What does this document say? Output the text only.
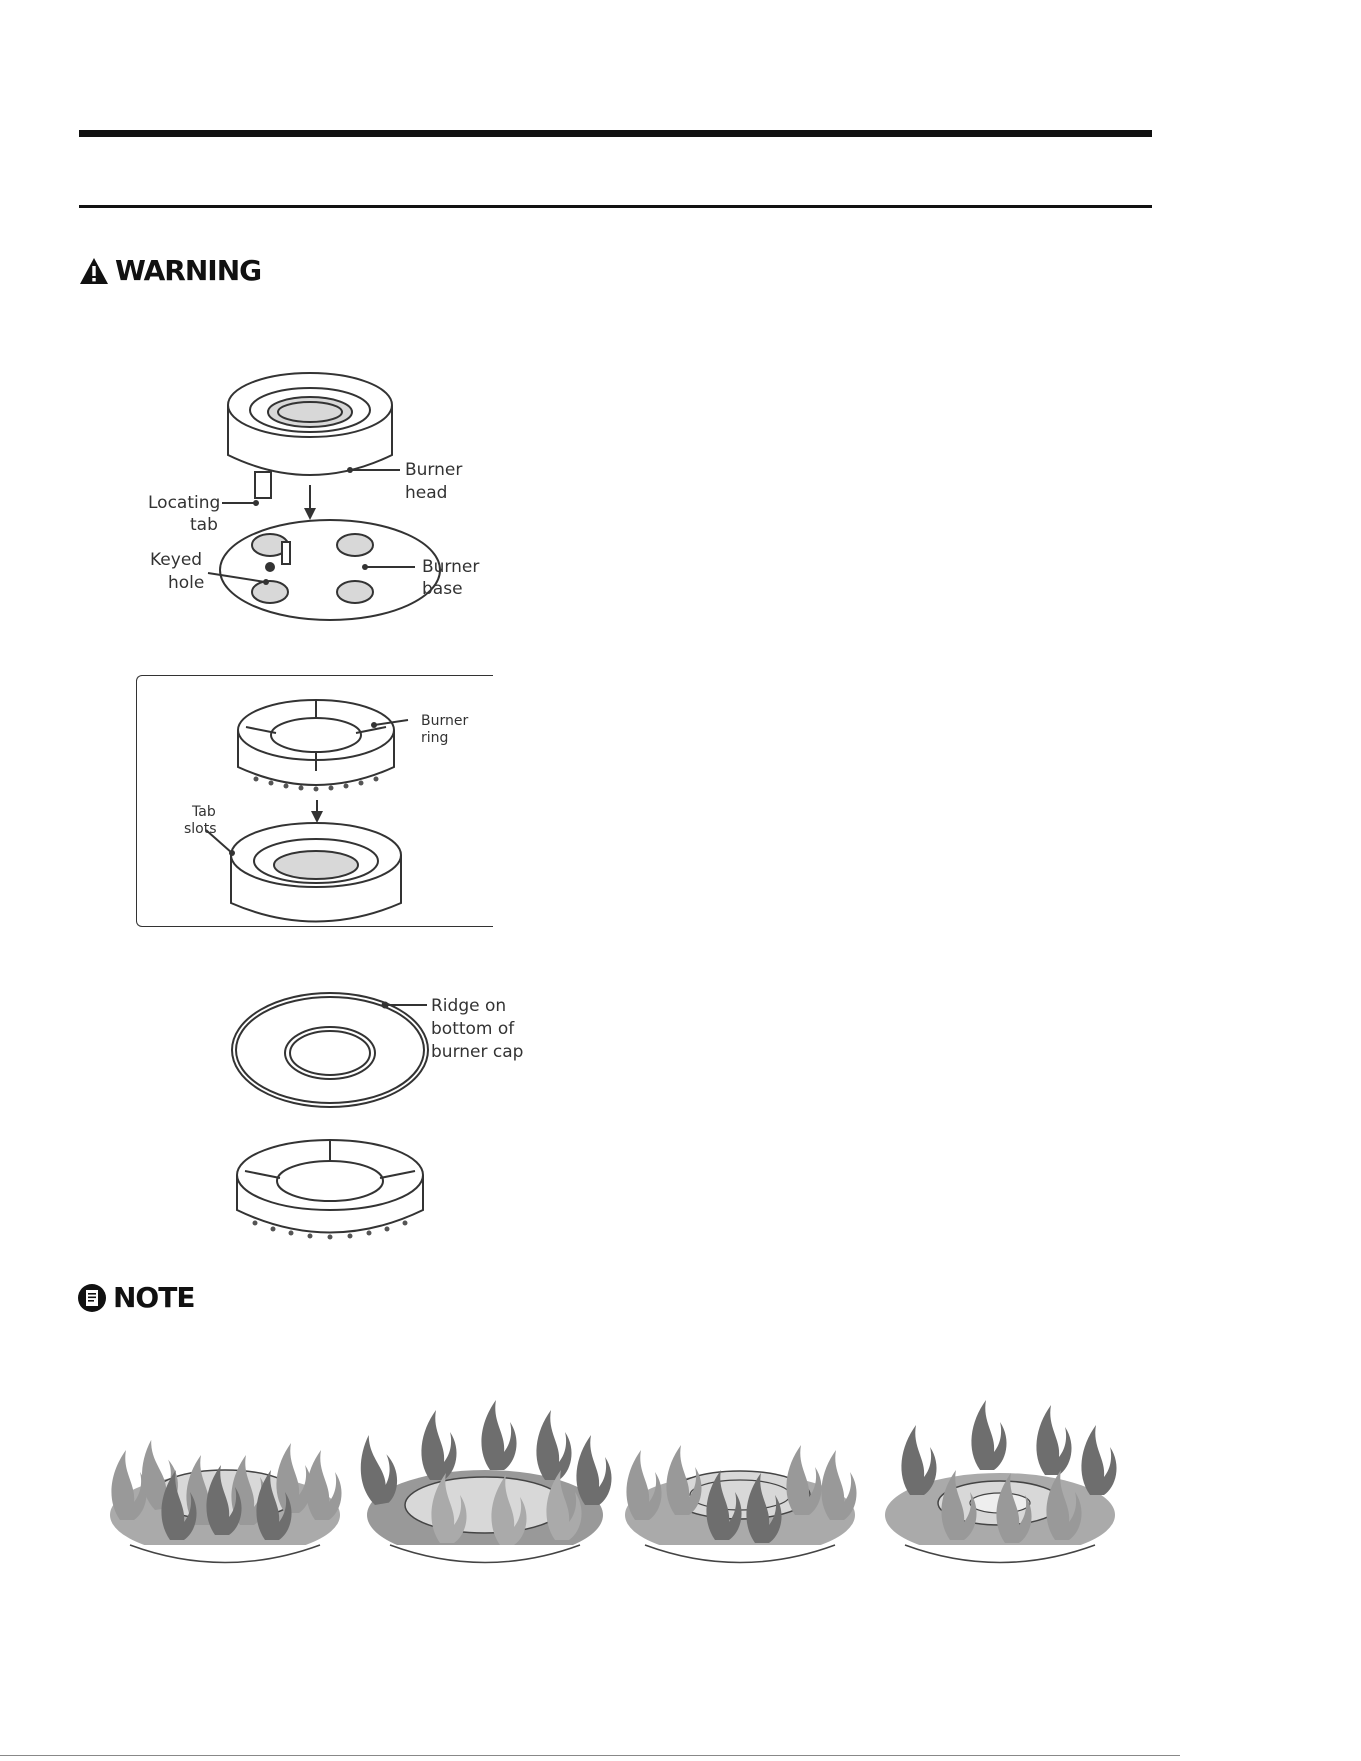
WARNING
Locating
tab
Burner
head
Keyed
hole
Burner
base
Burner
ring
Tab
slots
Ridge on
bottom of
burner cap
NOTE
